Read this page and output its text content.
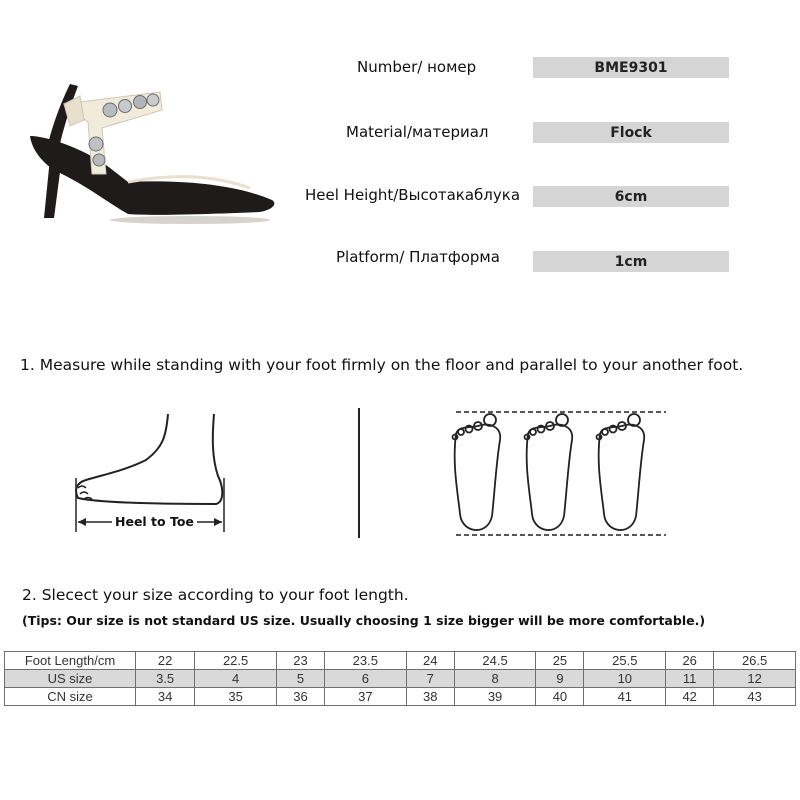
Number/ номер	BME9301
Material/материал	Flock
Heel Height/Высотакаблука	6cm
Platform/ Платформа	1cm
1. Measure while standing with your foot firmly on the floor and parallel to your another foot.
Heel to Toe
2. Slecect your size according to your foot length.
(Tips: Our size is not standard US size. Usually choosing 1 size bigger will be more comfortable.)
Foot Length/cm	22	22.5	23	23.5	24	24.5	25	25.5	26	26.5
US size	3.5	4	5	6	7	8	9	10	11	12
CN size	34	35	36	37	38	39	40	41	42	43
